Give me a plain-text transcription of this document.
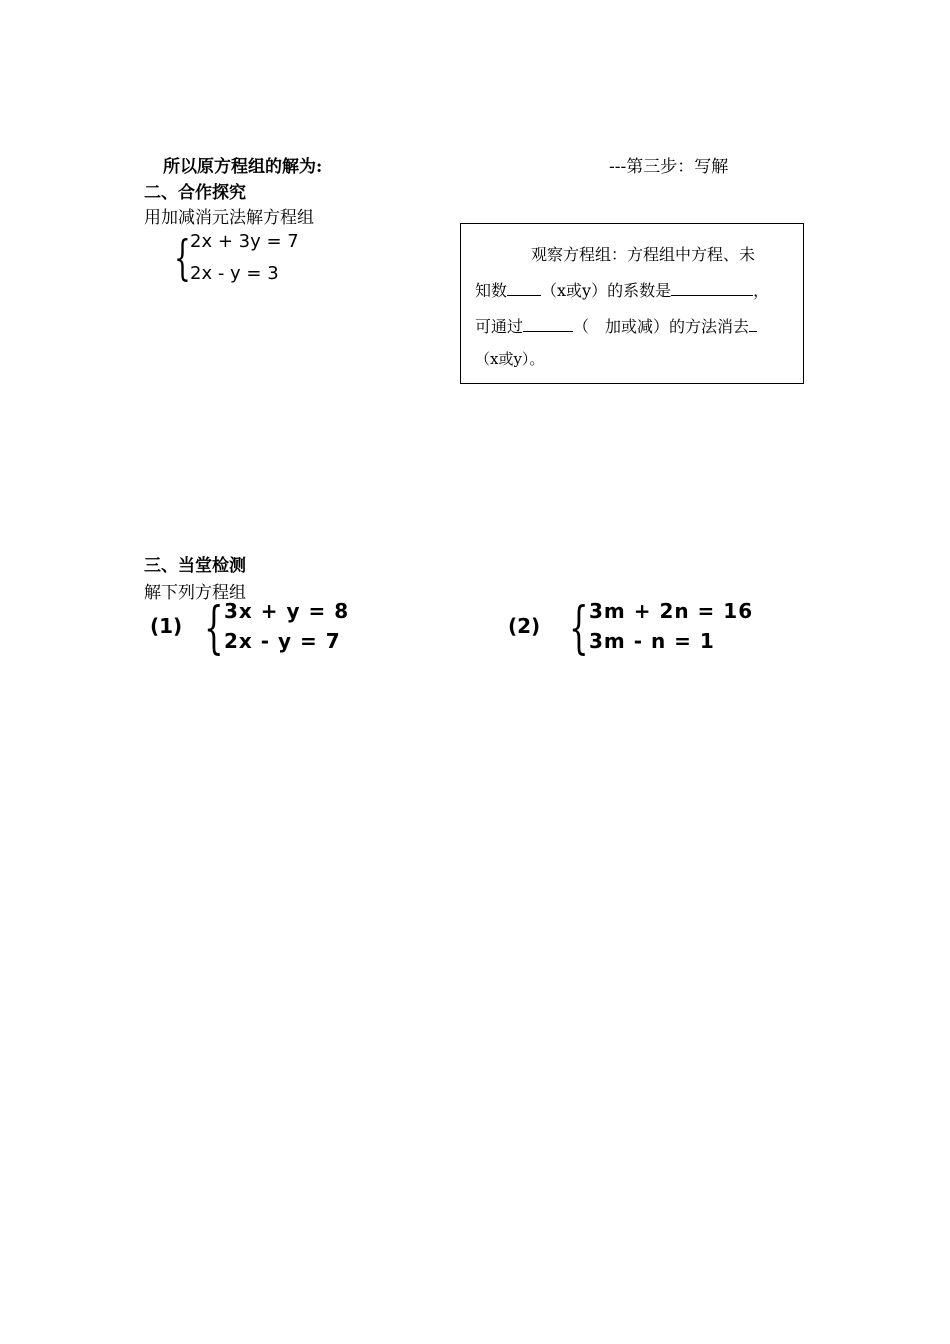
所以原方程组的解为:	---第三步：写解
二、合作探究
用加减消元法解方程组
{ 2x + 3y = 7
2x - y = 3
观察方程组：方程组中方程、未
知数 （x或y）的系数是	，
可通过	（　加或减）的方法消去
（x或y）。
三、当堂检测
解下列方程组
(1) { 3x + y = 8
2x - y = 7
(2) { 3m + 2n = 16
3m - n = 1
